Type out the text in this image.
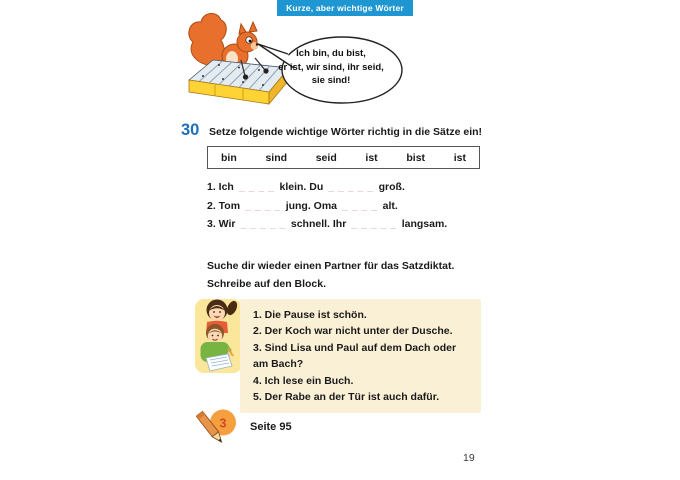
Kurze, aber wichtige Wörter
Ich bin, du bist,
er ist, wir sind, ihr seid,
sie sind!
30 Setze folgende wichtige Wörter richtig in die Sätze ein!
bin	sind	seid	ist	bist	ist
1. Ich _ _ _ _ klein. Du _ _ _ _ _ groß.
2. Tom _ _ _ _ jung. Oma _ _ _ _ alt.
3. Wir _ _ _ _ _ schnell. Ihr _ _ _ _ _ langsam.
Suche dir wieder einen Partner für das Satzdiktat.
Schreibe auf den Block.
1. Die Pause ist schön.
2. Der Koch war nicht unter der Dusche.
3. Sind Lisa und Paul auf dem Dach oder am Bach?
4. Ich lese ein Buch.
5. Der Rabe an der Tür ist auch dafür.
3 Seite 95
19
